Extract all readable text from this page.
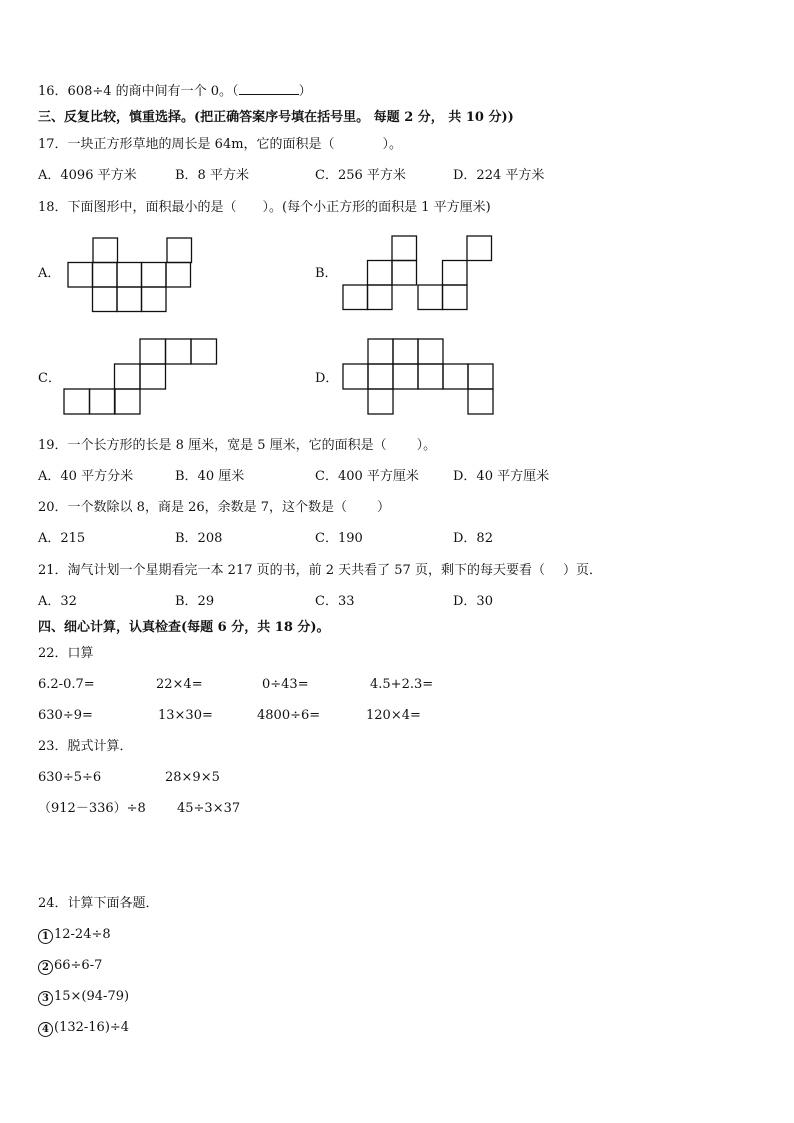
16．608÷4 的商中间有一个 0。（	）
三、反复比较，慎重选择。(把正确答案序号填在括号里。 每题 2 分， 共 10 分))
17．一块正方形草地的周长是 64m，它的面积是（	）。
A．4096 平方米	B．8 平方米	C．256 平方米	D．224 平方米
18．下面图形中，面积最小的是（ ）。(每个小正方形的面积是 1 平方厘米)
A．	B．
C．	D．
19．一个长方形的长是 8 厘米，宽是 5 厘米，它的面积是（ ）。
A．40 平方分米	B．40 厘米	C．400 平方厘米	D．40 平方厘米
20．一个数除以 8，商是 26，余数是 7，这个数是（ ）
A．215	B．208	C．190	D．82
21．淘气计划一个星期看完一本 217 页的书，前 2 天共看了 57 页，剩下的每天要看（ ）页．
A．32	B．29	C．33	D．30
四、细心计算，认真检查(每题 6 分，共 18 分)。
22．口算
6.2-0.7=	22×4=	0÷43=	4.5+2.3=
630÷9=	13×30=	4800÷6=	120×4=
23．脱式计算．
630÷5÷6	28×9×5
（912－336）÷8 45÷3×37
24．计算下面各题．
1 12-24÷8
2 66÷6-7
3 15×(94-79)
4 (132-16)÷4
